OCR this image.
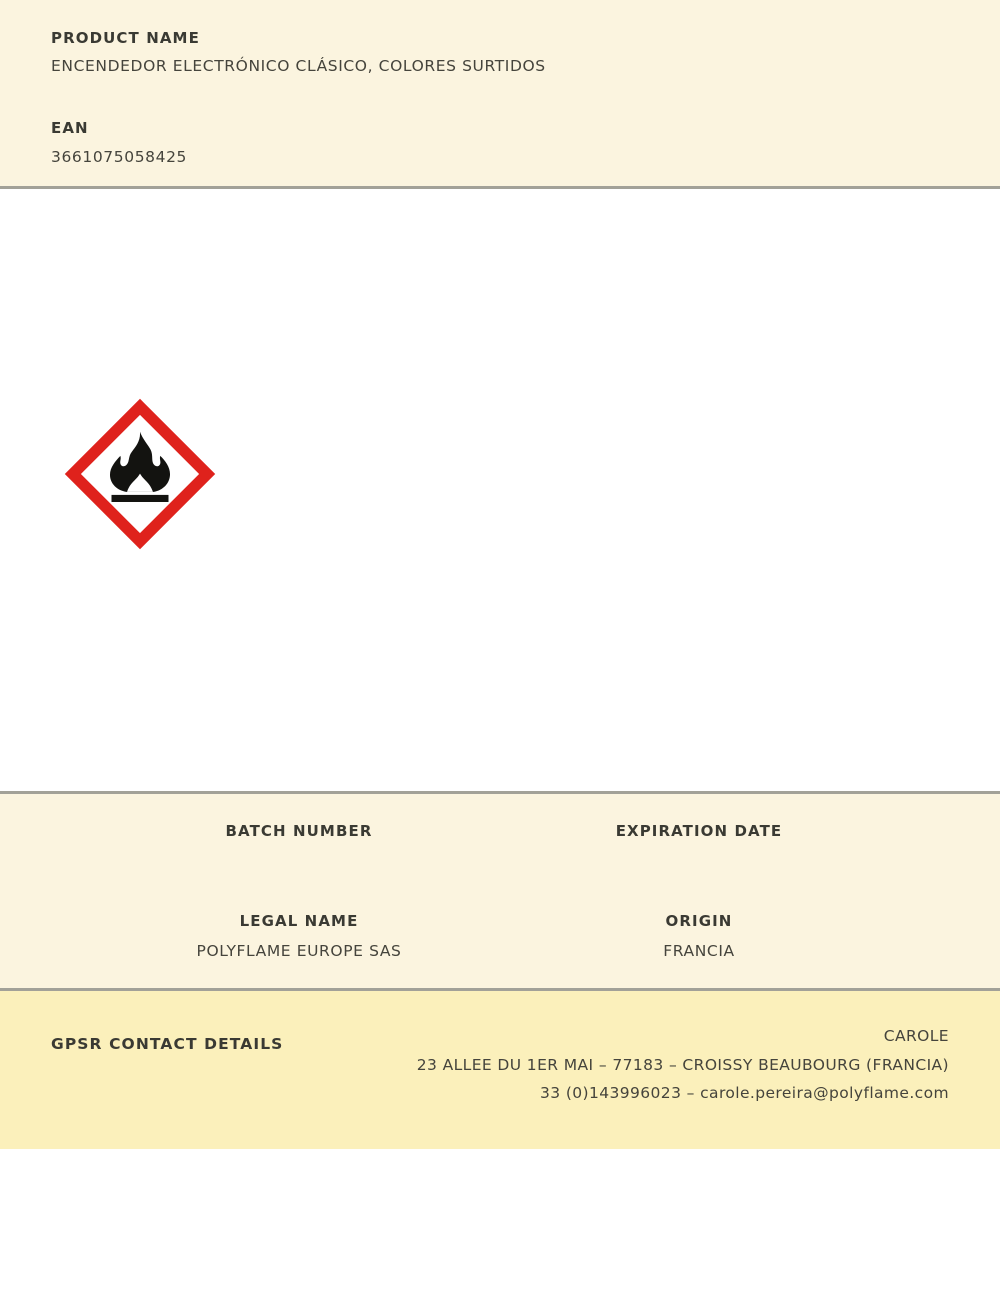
PRODUCT NAME
ENCENDEDOR ELECTRÓNICO CLÁSICO, COLORES SURTIDOS
EAN
3661075058425
BATCH NUMBER	EXPIRATION DATE
LEGAL NAME
POLYFLAME EUROPE SAS
ORIGIN
FRANCIA
GPSR CONTACT DETAILS	CAROLE
23 ALLEE DU 1ER MAI – 77183 – CROISSY BEAUBOURG (FRANCIA)
33 (0)143996023 – carole.pereira@polyflame.com
